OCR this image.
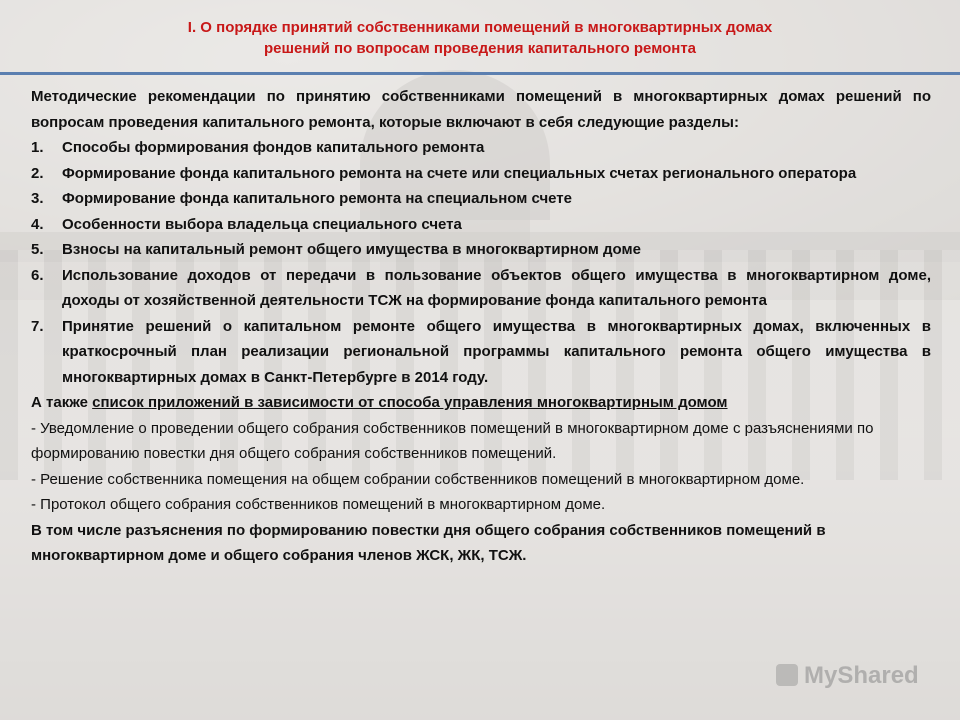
I. О порядке принятий собственниками помещений в многоквартирных домах
решений по вопросам проведения капитального ремонта

Методические рекомендации по принятию собственниками помещений в многоквартирных домах решений по вопросам проведения капитального ремонта, которые включают в себя следующие разделы:

1. Способы формирования фондов капитального ремонта
2. Формирование фонда капитального ремонта на счете или специальных счетах регионального оператора
3. Формирование фонда капитального ремонта на специальном счете
4. Особенности выбора владельца специального счета
5. Взносы на капитальный ремонт общего имущества в многоквартирном доме
6. Использование доходов от передачи в пользование объектов общего имущества в многоквартирном доме, доходы от хозяйственной деятельности ТСЖ на формирование фонда капитального ремонта
7. Принятие решений о капитальном ремонте общего имущества в многоквартирных домах, включенных в краткосрочный план реализации региональной программы капитального ремонта общего имущества в многоквартирных домах в Санкт-Петербурге в 2014 году.

А также список приложений в зависимости от способа управления многоквартирным домом

- Уведомление о проведении общего собрания собственников помещений в многоквартирном доме с разъяснениями по формированию повестки дня общего собрания собственников помещений.

- Решение собственника помещения на общем собрании собственников помещений в многоквартирном доме.

- Протокол общего собрания собственников помещений в многоквартирном доме.

В том числе разъяснения по формированию повестки дня общего собрания собственников помещений в многоквартирном доме и общего собрания членов ЖСК, ЖК, ТСЖ.

MyShared
